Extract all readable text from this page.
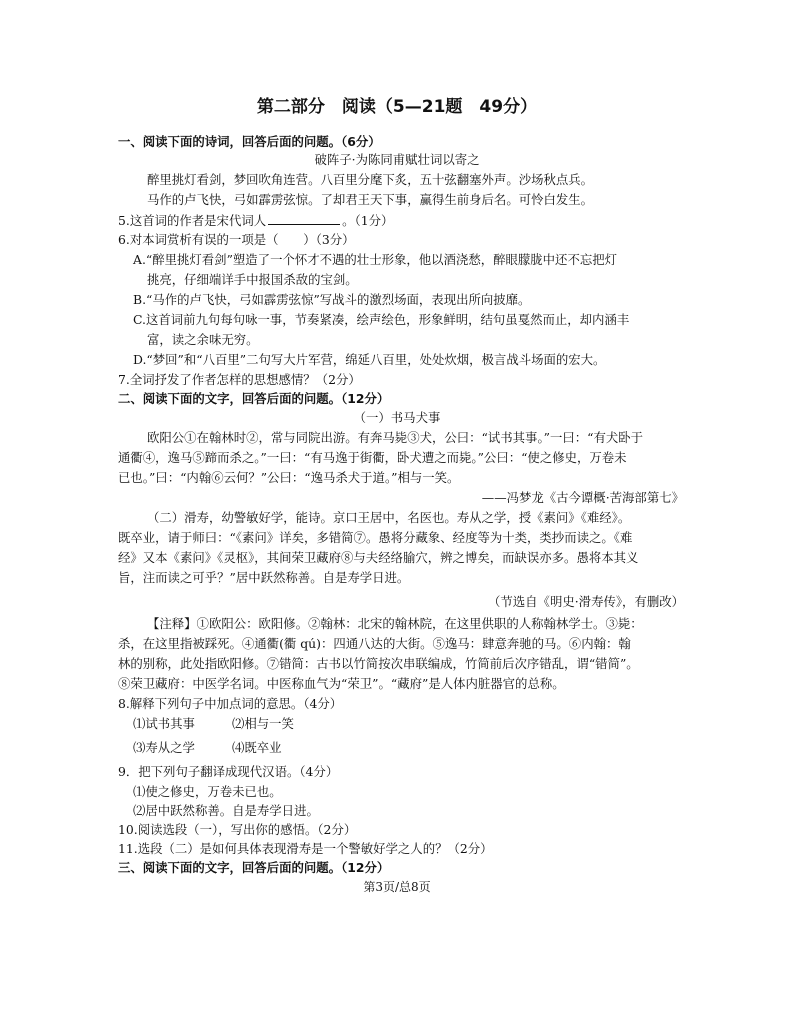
第二部分　阅读（5—21题　49分）
一、阅读下面的诗词，回答后面的问题。（6分）
破阵子·为陈同甫赋壮词以寄之
醉里挑灯看剑，梦回吹角连营。八百里分麾下炙，五十弦翻塞外声。沙场秋点兵。
马作的卢飞快，弓如霹雳弦惊。了却君王天下事，赢得生前身后名。可怜白发生。
5.这首词的作者是宋代词人	。（1分）
6.对本词赏析有误的一项是（　　）（3分）
A.“醉里挑灯看剑”塑造了一个怀才不遇的壮士形象，他以酒浇愁，醉眼朦胧中还不忘把灯
挑亮，仔细端详手中报国杀敌的宝剑。
B.“马作的卢飞快，弓如霹雳弦惊”写战斗的激烈场面，表现出所向披靡。
C.这首词前九句每句咏一事，节奏紧凑，绘声绘色，形象鲜明，结句虽戛然而止，却内涵丰
富，读之余味无穷。
D.“梦回”和“八百里”二句写大片军营，绵延八百里，处处炊烟，极言战斗场面的宏大。
7.全词抒发了作者怎样的思想感情？（2分）
二、阅读下面的文字，回答后面的问题。（12分）
（一）书马犬事
欧阳公①在翰林时②，常与同院出游。有奔马毙③犬，公曰：“试书其事。”一曰：“有犬卧于
通衢④，逸马⑤蹄而杀之。”一曰：“有马逸于街衢，卧犬遭之而毙。”公曰：“使之修史，万卷未
已也。”曰：“内翰⑥云何？”公曰：“逸马杀犬于道。”相与一笑。
——冯梦龙《古今谭概·苦海部第七》
（二）滑寿，幼警敏好学，能诗。京口王居中，名医也。寿从之学，授《素问》《难经》。
既卒业，请于师曰：“《素问》详矣，多错简⑦。愚将分藏象、经度等为十类，类抄而读之。《难
经》又本《素问》《灵枢》，其间荣卫藏府⑧与夫经络腧穴，辨之博矣，而缺误亦多。愚将本其义
旨，注而读之可乎？”居中跃然称善。自是寿学日进。
（节选自《明史·滑寿传》，有删改）
【注释】①欧阳公：欧阳修。②翰林：北宋的翰林院，在这里供职的人称翰林学士。③毙：
杀，在这里指被踩死。④通衢(衢 qú)：四通八达的大街。⑤逸马：肆意奔驰的马。⑥内翰：翰
林的别称，此处指欧阳修。⑦错简：古书以竹简按次串联编成，竹简前后次序错乱，谓“错简”。
⑧荣卫藏府：中医学名词。中医称血气为“荣卫”。“藏府”是人体内脏器官的总称。
8.解释下列句子中加点词的意思。（4分）
⑴试书其事	⑵相与一笑
⑶寿从之学	⑷既卒业
9．把下列句子翻译成现代汉语。（4分）
⑴使之修史，万卷未已也。
⑵居中跃然称善。自是寿学日进。
10.阅读选段（一），写出你的感悟。（2分）
11.选段（二）是如何具体表现滑寿是一个警敏好学之人的？（2分）
三、阅读下面的文字，回答后面的问题。（12分）
第3页/总8页
